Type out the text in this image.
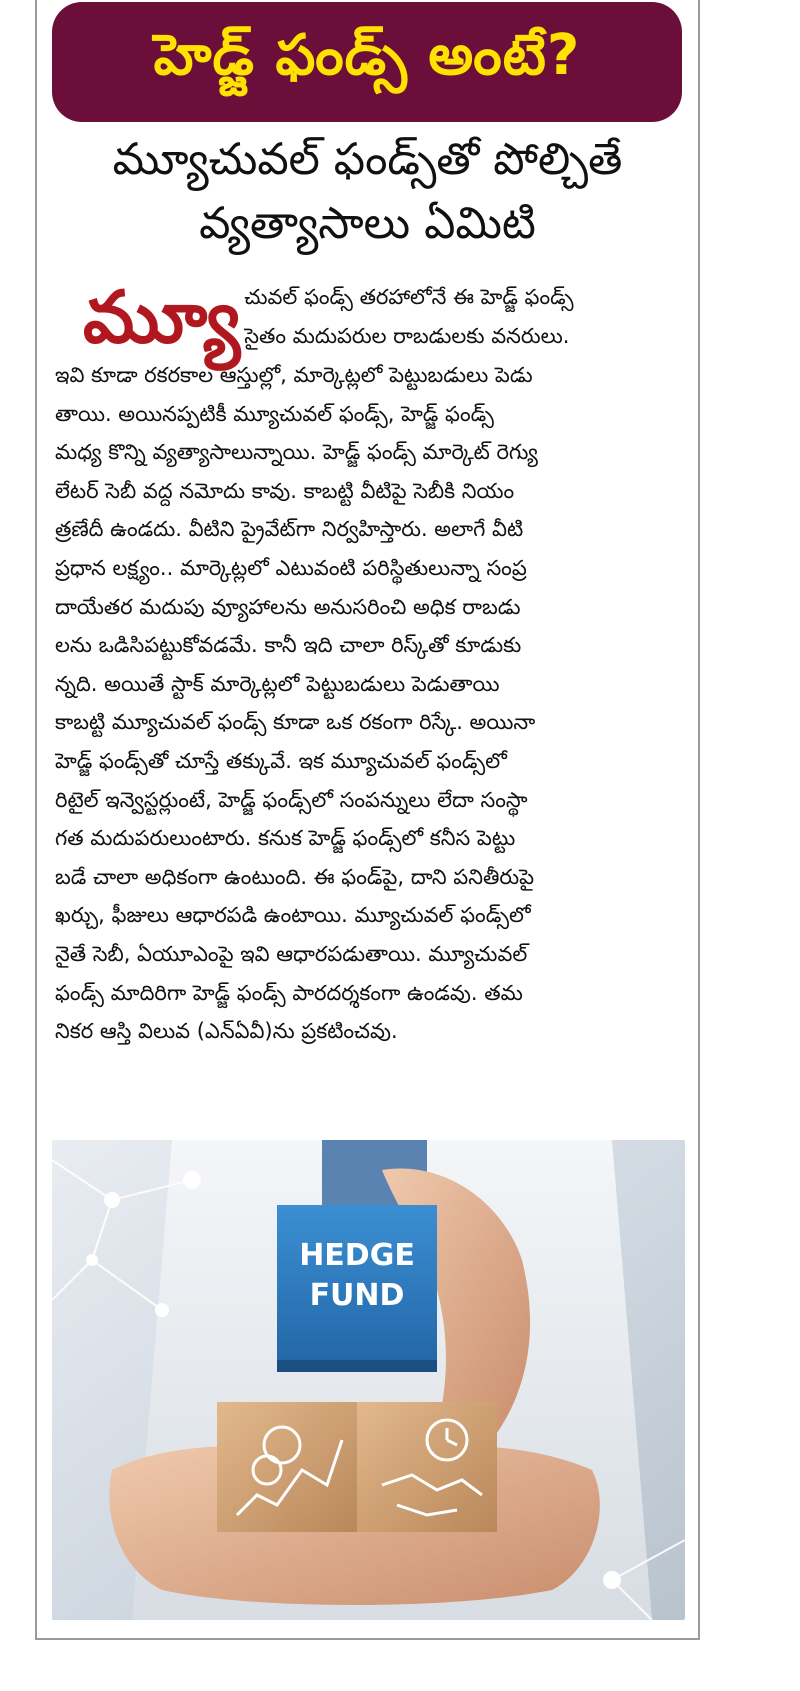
హెడ్జ్‌ ఫండ్స్‌ అంటే?
మ్యూచువల్‌ ఫండ్స్‌తో పోల్చితే
వ్యత్యాసాలు ఏమిటి
మ్యూ చువల్‌ ఫండ్స్‌ తరహాలోనే ఈ హెడ్జ్‌ ఫండ్స్‌
సైతం మదుపరుల రాబడులకు వనరులు.
ఇవి కూడా రకరకాల ఆస్తుల్లో, మార్కెట్లలో పెట్టుబడులు పెడు
తాయి. అయినప్పటికీ మ్యూచువల్‌ ఫండ్స్‌, హెడ్జ్‌ ఫండ్స్‌
మధ్య కొన్ని వ్యత్యాసాలున్నాయి. హెడ్జ్‌ ఫండ్స్‌ మార్కెట్‌ రెగ్యు
లేటర్‌ సెబీ వద్ద నమోదు కావు. కాబట్టి వీటిపై సెబీకి నియం
త్రణేదీ ఉండదు. వీటిని ప్రైవేట్‌గా నిర్వహిస్తారు. అలాగే వీటి
ప్రధాన లక్ష్యం.. మార్కెట్లలో ఎటువంటి పరిస్థితులున్నా సంప్ర
దాయేతర మదుపు వ్యూహాలను అనుసరించి అధిక రాబడు
లను ఒడిసిపట్టుకోవడమే. కానీ ఇది చాలా రిస్క్‌తో కూడుకు
న్నది. అయితే స్టాక్‌ మార్కెట్లలో పెట్టుబడులు పెడుతాయి
కాబట్టి మ్యూచువల్‌ ఫండ్స్‌ కూడా ఒక రకంగా రిస్కే. అయినా
హెడ్జ్‌ ఫండ్స్‌తో చూస్తే తక్కువే. ఇక మ్యూచువల్‌ ఫండ్స్‌లో
రిటైల్‌ ఇన్వెస్టర్లుంటే, హెడ్జ్‌ ఫండ్స్‌లో సంపన్నులు లేదా సంస్థా
గత మదుపరులుంటారు. కనుక హెడ్జ్‌ ఫండ్స్‌లో కనీస పెట్టు
బడే చాలా అధికంగా ఉంటుంది. ఈ ఫండ్‌పై, దాని పనితీరుపై
ఖర్చు, ఫీజులు ఆధారపడి ఉంటాయి. మ్యూచువల్‌ ఫండ్స్‌లో
నైతే సెబీ, ఏయూఎంపై ఇవి ఆధారపడుతాయి. మ్యూచువల్‌
ఫండ్స్‌ మాదిరిగా హెడ్జ్‌ ఫండ్స్‌ పారదర్శకంగా ఉండవు. తమ
నికర ఆస్తి విలువ (ఎన్‌ఏవీ)ను ప్రకటించవు.
HEDGE
FUND
